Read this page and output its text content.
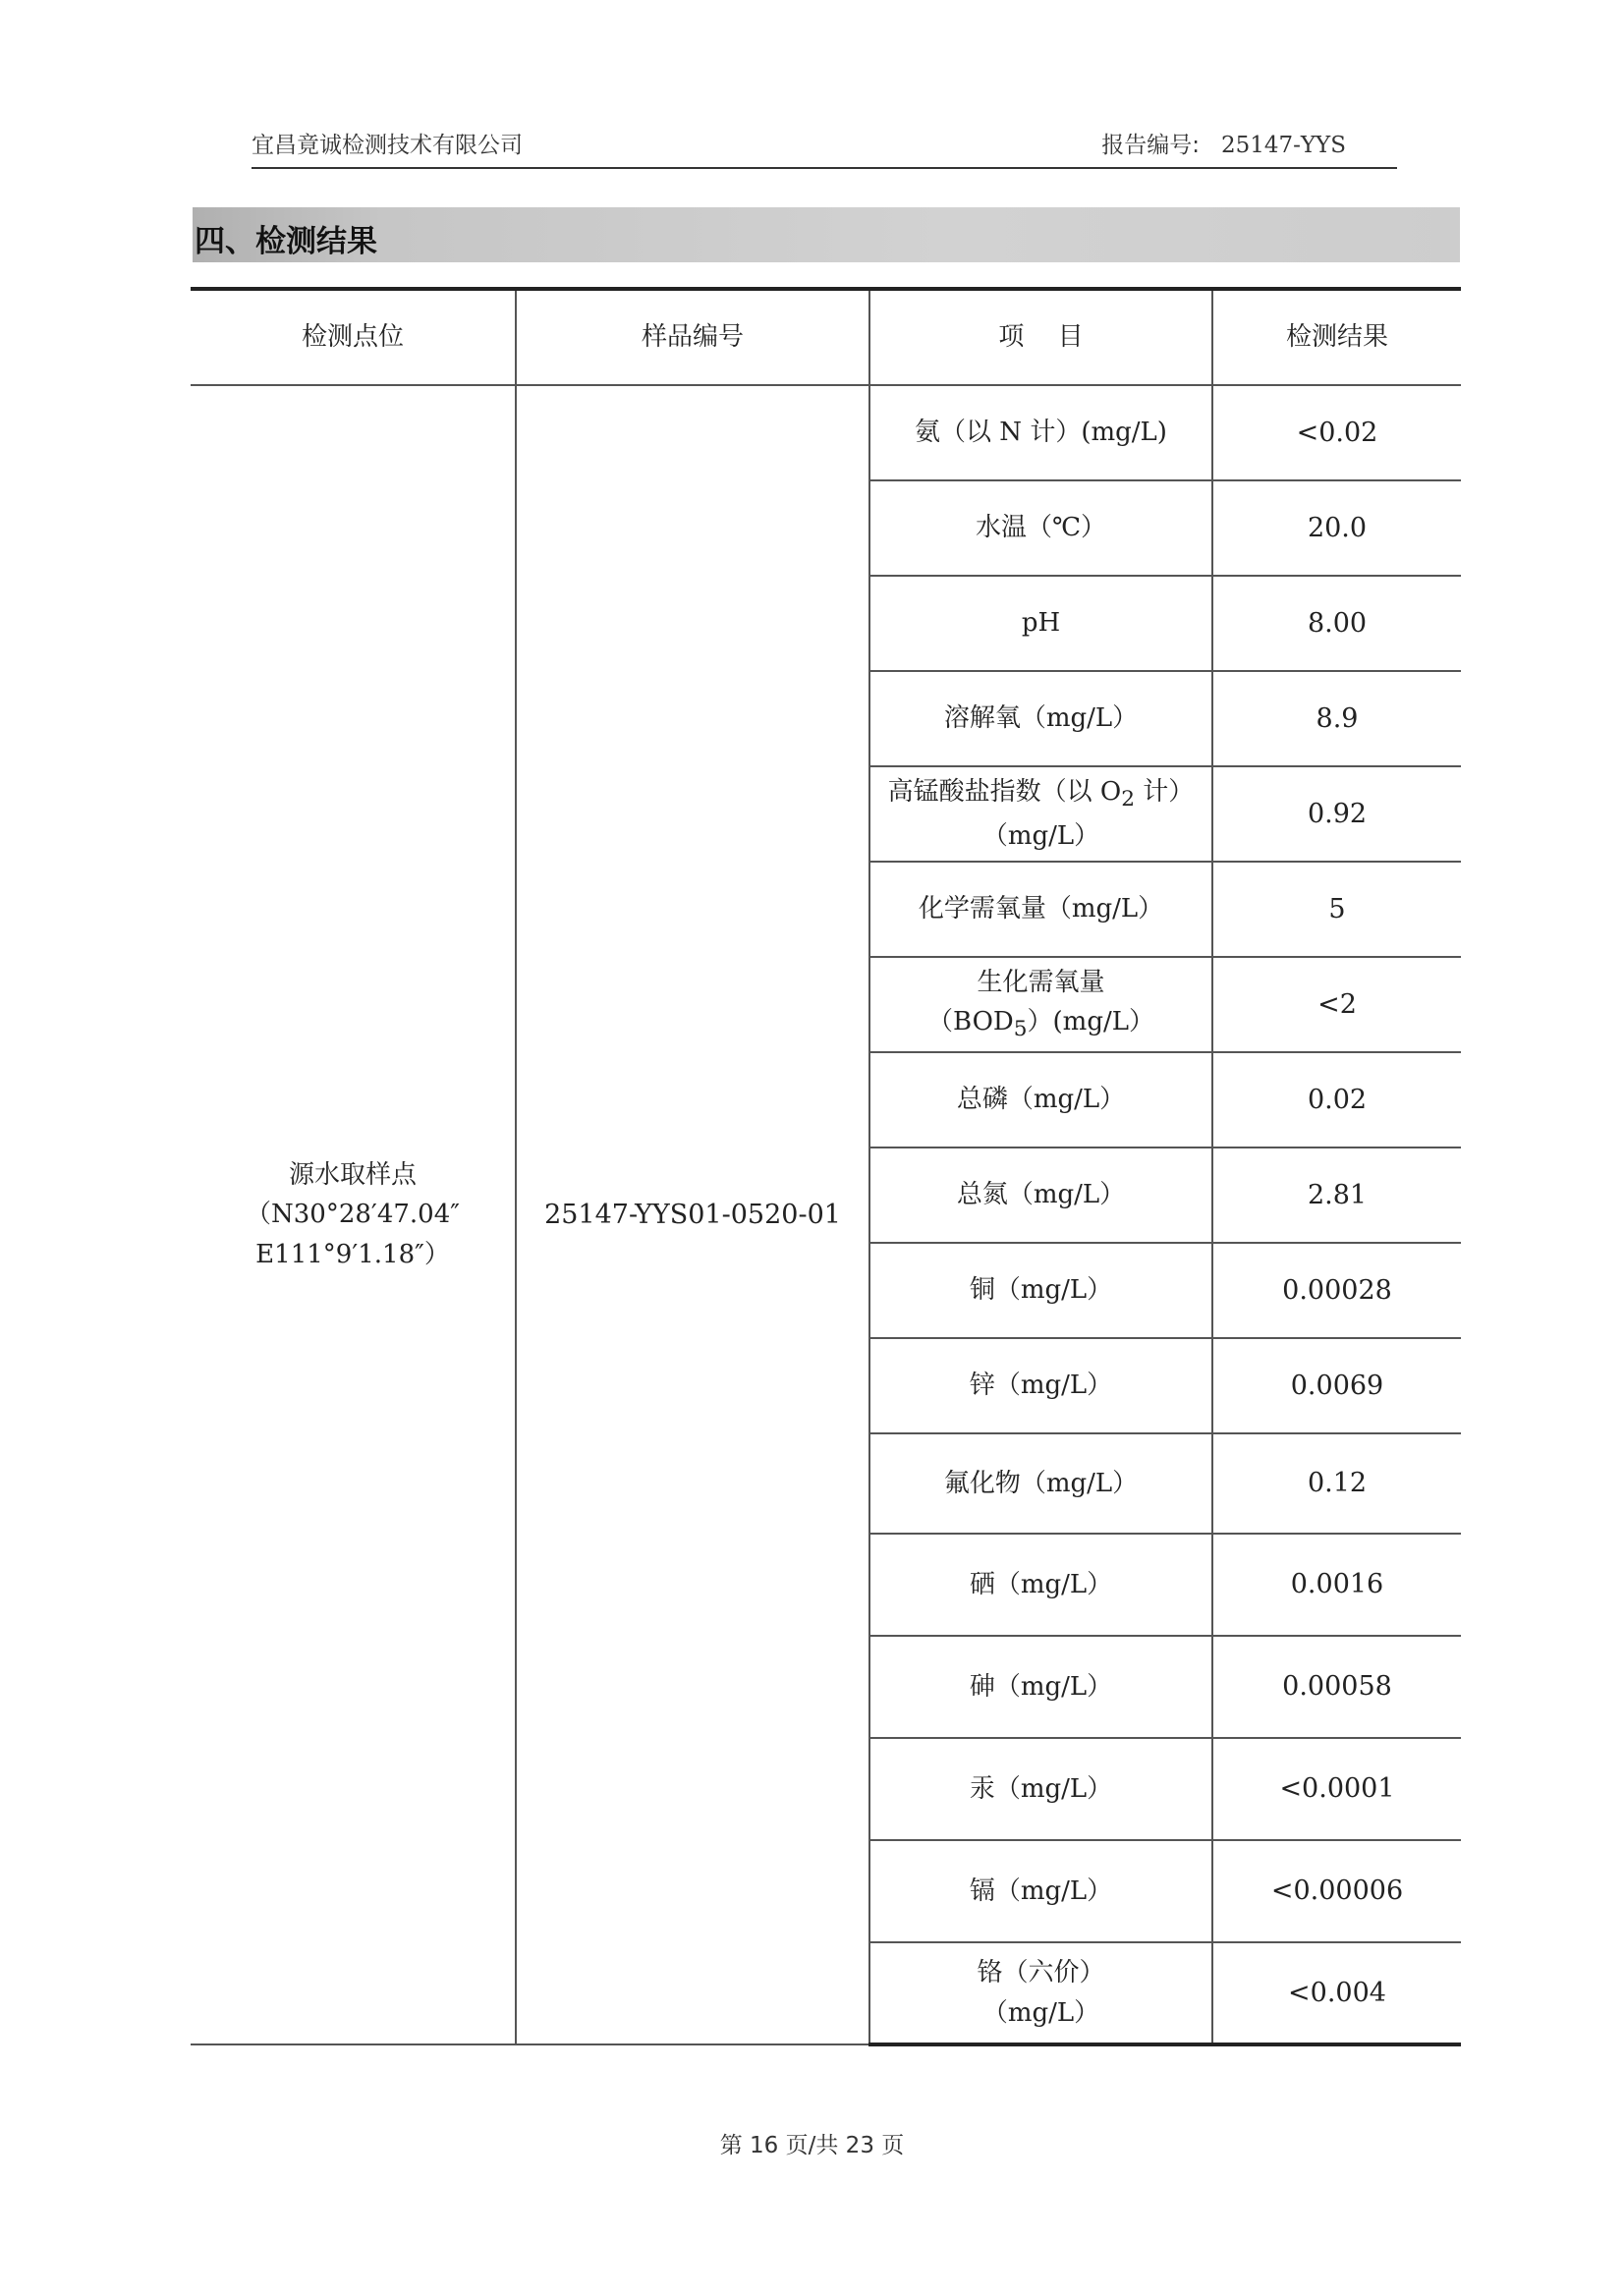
宜昌竟诚检测技术有限公司	报告编号: 25147-YYS
四、检测结果
检测点位	样品编号	项　 目	检测结果

源水取样点
（N30°28′47.04″
E111°9′1.18″）	25147-YYS01-0520-01	氨（以 N 计）(mg/L)	<0.02
		水温（℃）	20.0
		pH	8.00
		溶解氧（mg/L）	8.9
		高锰酸盐指数（以 $O_2$ 计）
（mg/L）	0.92
		化学需氧量（mg/L）	5
		生化需氧量
$(BOD_5)(mg/L)$	<2
		总磷（mg/L）	0.02
		总氮（mg/L）	2.81
		铜（mg/L）	0.00028
		锌（mg/L）	0.0069
		氟化物（mg/L）	0.12
		硒（mg/L）	0.0016
		砷（mg/L）	0.00058
		汞（mg/L）	<0.0001
		镉（mg/L）	<0.00006
		铬（六价）
（mg/L）	<0.004
第 16 页/共 23 页
